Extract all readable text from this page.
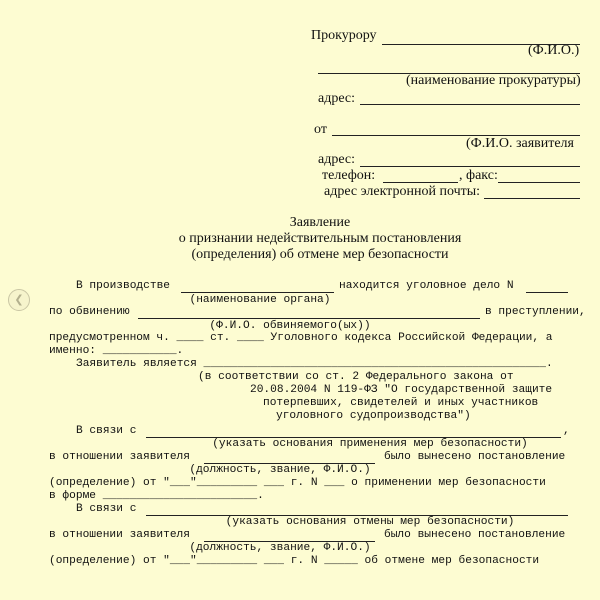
Прокурору
(Ф.И.О.)
(наименование прокуратуры)
адрес:
от
(Ф.И.О. заявителя
адрес:
телефон:	, факс:
адрес электронной почты:
Заявление
о признании недействительным постановления
(определения) об отмене мер безопасности
В производстве	находится уголовное дело N
(наименование органа)
по обвинению	в преступлении,
(Ф.И.О. обвиняемого(ых))
предусмотренном ч. ____ ст. ____ Уголовного кодекса Российской Федерации, а
именно: ___________.
Заявитель является ___________________________________________________.
(в соответствии со ст. 2 Федерального закона от
20.08.2004 N 119-ФЗ "О государственной защите
потерпевших, свидетелей и иных участников
уголовного судопроизводства")
В связи с	,
(указать основания применения мер безопасности)
в отношении заявителя	было вынесено постановление
(должность, звание, Ф.И.О.)
(определение) от "___"_________ ___ г. N ___ о применении мер безопасности
в форме _______________________.
В связи с
(указать основания отмены мер безопасности)
в отношении заявителя	было вынесено постановление
(должность, звание, Ф.И.О.)
(определение) от "___"_________ ___ г. N _____ об отмене мер безопасности
❮
